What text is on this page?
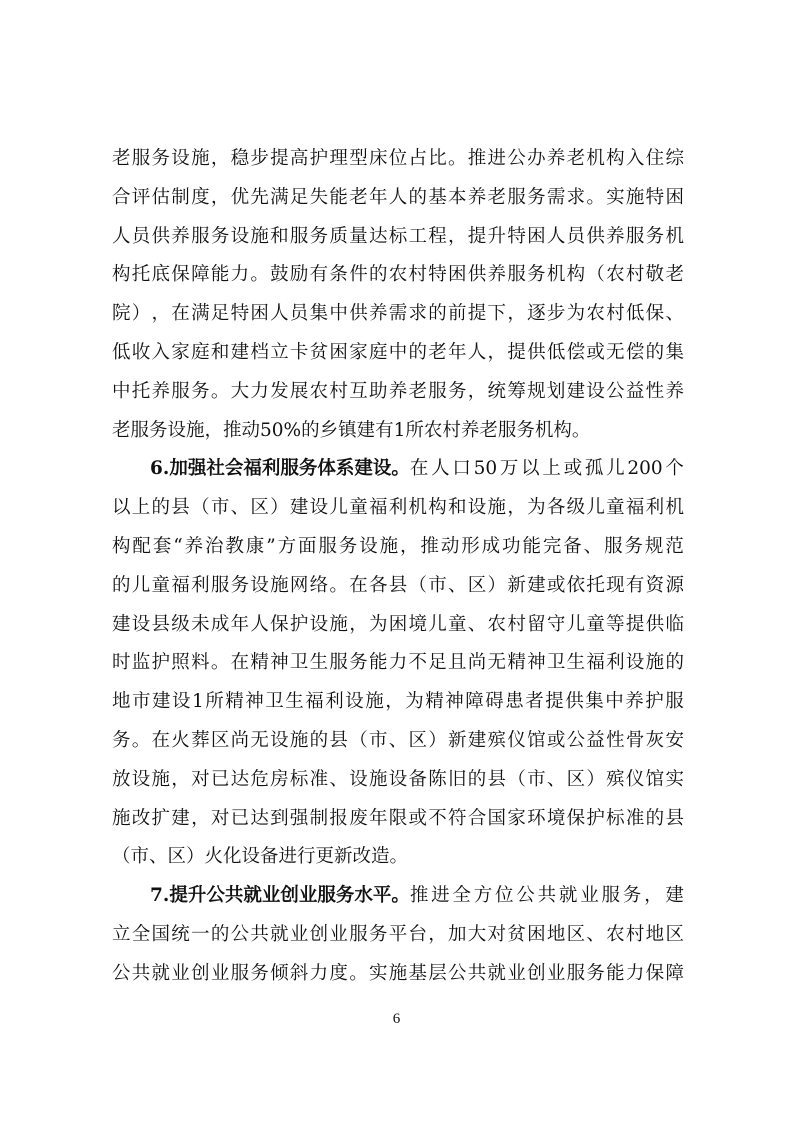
老 服 务 设 施 ， 稳 步 提 高 护 理 型 床 位 占 比 。 推 进 公 办 养 老 机 构 入 住 综
合 评 估 制 度 ， 优 先 满 足 失 能 老 年 人 的 基 本 养 老 服 务 需 求 。 实 施 特 困
人 员 供 养 服 务 设 施 和 服 务 质 量 达 标 工 程 ， 提 升 特 困 人 员 供 养 服 务 机
构 托 底 保 障 能 力 。 鼓 励 有 条 件 的 农 村 特 困 供 养 服 务 机 构 （ 农 村 敬 老
院 ） ， 在 满 足 特 困 人 员 集 中 供 养 需 求 的 前 提 下 ， 逐 步 为 农 村 低 保 、
低 收 入 家 庭 和 建 档 立 卡 贫 困 家 庭 中 的 老 年 人 ， 提 供 低 偿 或 无 偿 的 集
中 托 养 服 务 。 大 力 发 展 农 村 互 助 养 老 服 务 ， 统 筹 规 划 建 设 公 益 性 养
老服务设施，推动50%的乡镇建有1所农村养老服务机构。
6.加强社会福利服务体系建设。 在 人 口 50 万 以 上 或 孤 儿 200 个
以 上 的 县 （ 市 、 区 ） 建 设 儿 童 福 利 机 构 和 设 施 ， 为 各 级 儿 童 福 利 机
构 配 套 “ 养 治 教 康 ” 方 面 服 务 设 施 ， 推 动 形 成 功 能 完 备 、 服 务 规 范
的 儿 童 福 利 服 务 设 施 网 络 。 在 各 县 （ 市 、 区 ） 新 建 或 依 托 现 有 资 源
建 设 县 级 未 成 年 人 保 护 设 施 ， 为 困 境 儿 童 、 农 村 留 守 儿 童 等 提 供 临
时 监 护 照 料 。 在 精 神 卫 生 服 务 能 力 不 足 且 尚 无 精 神 卫 生 福 利 设 施 的
地 市 建 设 1 所 精 神 卫 生 福 利 设 施 ， 为 精 神 障 碍 患 者 提 供 集 中 养 护 服
务 。 在 火 葬 区 尚 无 设 施 的 县 （ 市 、 区 ） 新 建 殡 仪 馆 或 公 益 性 骨 灰 安
放 设 施 ， 对 已 达 危 房 标 准 、 设 施 设 备 陈 旧 的 县 （ 市 、 区 ） 殡 仪 馆 实
施 改 扩 建 ， 对 已 达 到 强 制 报 废 年 限 或 不 符 合 国 家 环 境 保 护 标 准 的 县
（市、区）火化设备进行更新改造。
7.提升公共就业创业服务水平。 推 进 全 方 位 公 共 就 业 服 务 ， 建
立 全 国 统 一 的 公 共 就 业 创 业 服 务 平 台 ， 加 大 对 贫 困 地 区 、 农 村 地 区
公 共 就 业 创 业 服 务 倾 斜 力 度 。 实 施 基 层 公 共 就 业 创 业 服 务 能 力 保 障
6
